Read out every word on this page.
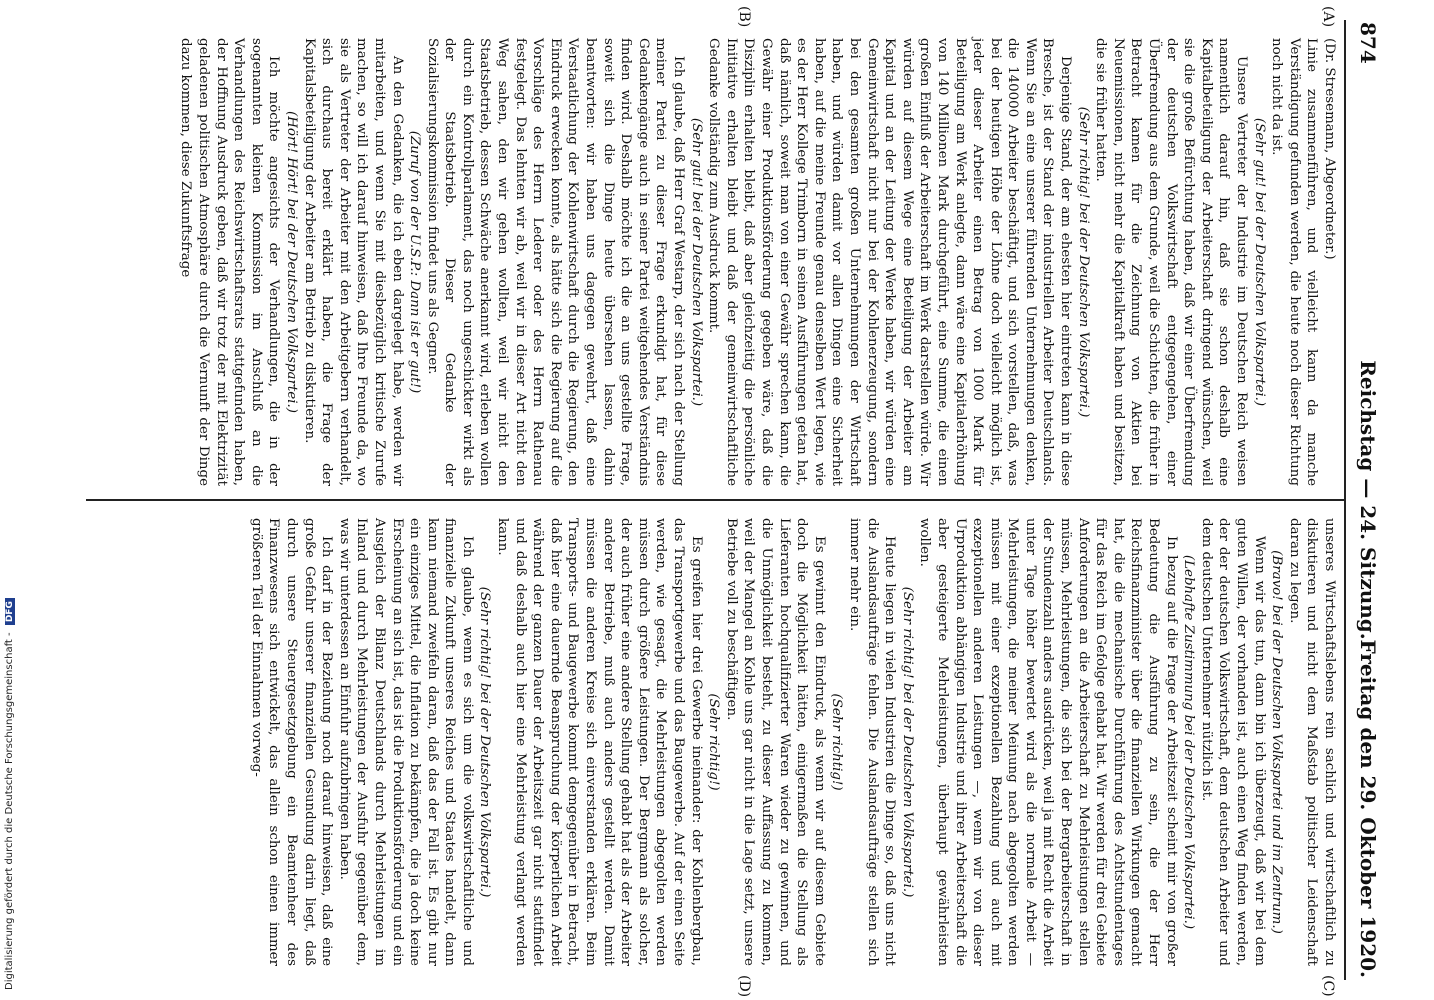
874
Reichstag — 24. Sitzung.
Freitag den 29. Oktober 1920.
(A)
(B)
(C)
(D)

(Dr. Stresemann, Abgeordneter.)

Linie zusammenführen, und vielleicht kann da manche Verständigung gefunden werden, die heute noch dieser Richtung noch nicht da ist.

(Sehr gut! bei der Deutschen Volkspartei.)

Unsere Vertreter der Industrie im Deutschen Reich weisen namentlich darauf hin, daß sie schon deshalb eine Kapitalbeteiligung der Arbeiterschaft dringend wünschen, weil sie die große Befürchtung haben, daß wir einer Überfremdung der deutschen Volkswirtschaft entgegengehen, einer Überfremdung aus dem Grunde, weil die Schichten, die früher in Betracht kamen für die Zeichnung von Aktien bei Neuemissionen, nicht mehr die Kapitalkraft haben und besitzen, die sie früher hatten.

(Sehr richtig! bei der Deutschen Volkspartei.)

Derjenige Stand, der am ehesten hier eintreten kann in diese Bresche, ist der Stand der industriellen Arbeiter Deutschlands. Wenn Sie an eine unserer führenden Unternehmungen denken, die 140000 Arbeiter beschäftigt, und sich vorstellen, daß, was bei der heutigen Höhe der Löhne doch vielleicht möglich ist, jeder dieser Arbeiter einen Betrag von 1000 Mark für Beteiligung am Werk anlegte, dann wäre eine Kapitalerhöhung von 140 Millionen Mark durchgeführt, eine Summe, die einen großen Einfluß der Arbeiterschaft im Werk darstellen würde. Wir würden auf diesem Wege eine Beteiligung der Arbeiter am Kapital und an der Leitung der Werke haben, wir würden eine Gemeinwirtschaft nicht nur bei der Kohlenerzeugung, sondern bei den gesamten großen Unternehmungen der Wirtschaft haben, und würden damit vor allen Dingen eine Sicherheit haben, auf die meine Freunde genau denselben Wert legen, wie es der Herr Kollege Trimborn in seinen Ausführungen getan hat, daß nämlich, soweit man von einer Gewähr sprechen kann, die Gewähr einer Produktionsförderung gegeben wäre, daß die Disziplin erhalten bleibt, daß aber gleichzeitig die persönliche Initiative erhalten bleibt und daß der gemeinwirtschaftliche Gedanke vollständig zum Ausdruck kommt.

(Sehr gut! bei der Deutschen Volkspartei.)

Ich glaube, daß Herr Graf Westarp, der sich nach der Stellung meiner Partei zu dieser Frage erkundigt hat, für diese Gedankengänge auch in seiner Partei weitgehendes Verständnis finden wird. Deshalb möchte ich die an uns gestellte Frage, soweit sich die Dinge heute übersehen lassen, dahin beantworten: wir haben uns dagegen gewehrt, daß eine Verstaatlichung der Kohlenwirtschaft durch die Regierung, den Eindruck erwecken konnte, als hätte sich die Regierung auf die Vorschläge des Herrn Lederer oder des Herrn Rathenau festgelegt. Das lehnten wir ab, weil wir in dieser Art nicht den Weg sahen, den wir gehen wollten, weil wir nicht den Staatsbetrieb, dessen Schwäche anerkannt wird, erleben wollen durch ein Kontrollparlament, das noch ungeschickter wirkt als der Staatsbetrieb. Dieser Gedanke der Sozialisierungskommission findet uns als Gegner.

(Zuruf von der U.S.P.: Dann ist er gut!)

An den Gedanken, die ich eben dargelegt habe, werden wir mitarbeiten, und wenn Sie mit diesbezüglich kritische Zurufe machen, so will ich darauf hinweisen, daß Ihre Freunde da, wo sie als Vertreter der Arbeiter mit den Arbeitgebern verhandelt, sich durchaus bereit erklärt haben, die Frage der Kapitalsbeteiligung der Arbeiter am Betrieb zu diskutieren.

(Hört! Hört! bei der Deutschen Volkspartei.)

Ich möchte angesichts der Verhandlungen, die in der sogenannten kleinen Kommission im Anschluß an die Verhandlungen des Reichswirtschaftsrats stattgefunden haben, der Hoffnung Ausdruck geben, daß wir trotz der mit Elektrizität geladenen politischen Atmosphäre durch die Vernunft der Dinge dazu kommen, diese Zukunftsfrage

unseres Wirtschaftslebens rein sachlich und wirtschaftlich zu diskutieren und nicht dem Maßstab politischer Leidenschaft daran zu legen.

(Bravo! bei der Deutschen Volkspartei und im Zentrum.)

Wenn wir das tun, dann bin ich überzeugt, daß wir bei dem guten Willen, der vorhanden ist, auch einen Weg finden werden, der der deutschen Volkswirtschaft, dem deutschen Arbeiter und dem deutschen Unternehmer nützlich ist.

(Lebhafte Zustimmung bei der Deutschen Volkspartei.)

In bezug auf die Frage der Arbeitszeit scheint mir von großer Bedeutung die Ausführung zu sein, die der Herr Reichsfinanzminister über die finanziellen Wirkungen gemacht hat, die die mechanische Durchführung des Achtstundentages für das Reich im Gefolge gehabt hat. Wir werden für drei Gebiete Anforderungen an die Arbeiterschaft zu Mehrleistungen stellen müssen, Mehrleistungen, die sich bei der Bergarbeiterschaft in der Stundenzahl anders ausdrücken, weil ja mit Recht die Arbeit unter Tage höher bewertet wird als die normale Arbeit — Mehrleistungen, die meiner Meinung nach abgegolten werden müssen mit einer exzeptionellen Bezahlung und auch mit exzeptionellen anderen Leistungen —, wenn wir von dieser Urproduktion abhängigen Industrie und ihrer Arbeiterschaft die aber gesteigerte Mehrleistungen, überhaupt gewährleisten wollen.

(Sehr richtig! bei der Deutschen Volkspartei.)

Heute liegen in vielen Industrien die Dinge so, daß uns nicht die Auslandsaufträge fehlen. Die Auslandsaufträge stellen sich immer mehr ein.

(Sehr richtig!)

Es gewinnt den Eindruck, als wenn wir auf diesem Gebiete doch die Möglichkeit hätten, einigermaßen die Stellung als Lieferanten hochqualifizierter Waren wieder zu gewinnen, und die Unmöglichkeit besteht, zu dieser Auffassung zu kommen, weil der Mangel an Kohle uns gar nicht in die Lage setzt, unsere Betriebe voll zu beschäftigen.

(Sehr richtig!)

Es greifen hier drei Gewerbe ineinander: der Kohlenbergbau, das Transportgewerbe und das Baugewerbe. Auf der einen Seite werden, wie gesagt, die Mehrleistungen abgegolten werden müssen durch größere Leistungen. Der Bergmann als solcher, der auch früher eine andere Stellung gehabt hat als der Arbeiter anderer Betriebe, muß auch anders gestellt werden. Damit müssen die anderen Kreise sich einverstanden erklären. Beim Transports- und Baugewerbe kommt demgegenüber in Betracht, daß hier eine dauernde Beanspruchung der körperlichen Arbeit während der ganzen Dauer der Arbeitszeit gar nicht stattfindet und daß deshalb auch hier eine Mehrleistung verlangt werden kann.

(Sehr richtig! bei der Deutschen Volkspartei.)

Ich glaube, wenn es sich um die volkswirtschaftliche und finanzielle Zukunft unseres Reiches und Staates handelt, dann kann niemand zweifeln daran, daß das der Fall ist. Es gibt nur ein einziges Mittel, die Inflation zu bekämpfen, die ja doch keine Erscheinung an sich ist, das ist die Produktionsförderung und ein Ausgleich der Bilanz Deutschlands durch Mehrleistungen im Inland und durch Mehrleistungen der Ausfuhr gegenüber dem, was wir unterdessen an Einfuhr aufzubringen haben.

Ich darf in der Beziehung noch darauf hinweisen, daß eine große Gefahr unserer finanziellen Gesundung darin liegt, daß durch unsere Steuergesetzgebung ein Beamtenheer des Finanzwesens sich entwickelt, das allein schon einen immer größeren Teil der Einnahmen vorweg-

Digitalisierung gefördert durch die Deutsche Forschungsgemeinschaft - DFG
